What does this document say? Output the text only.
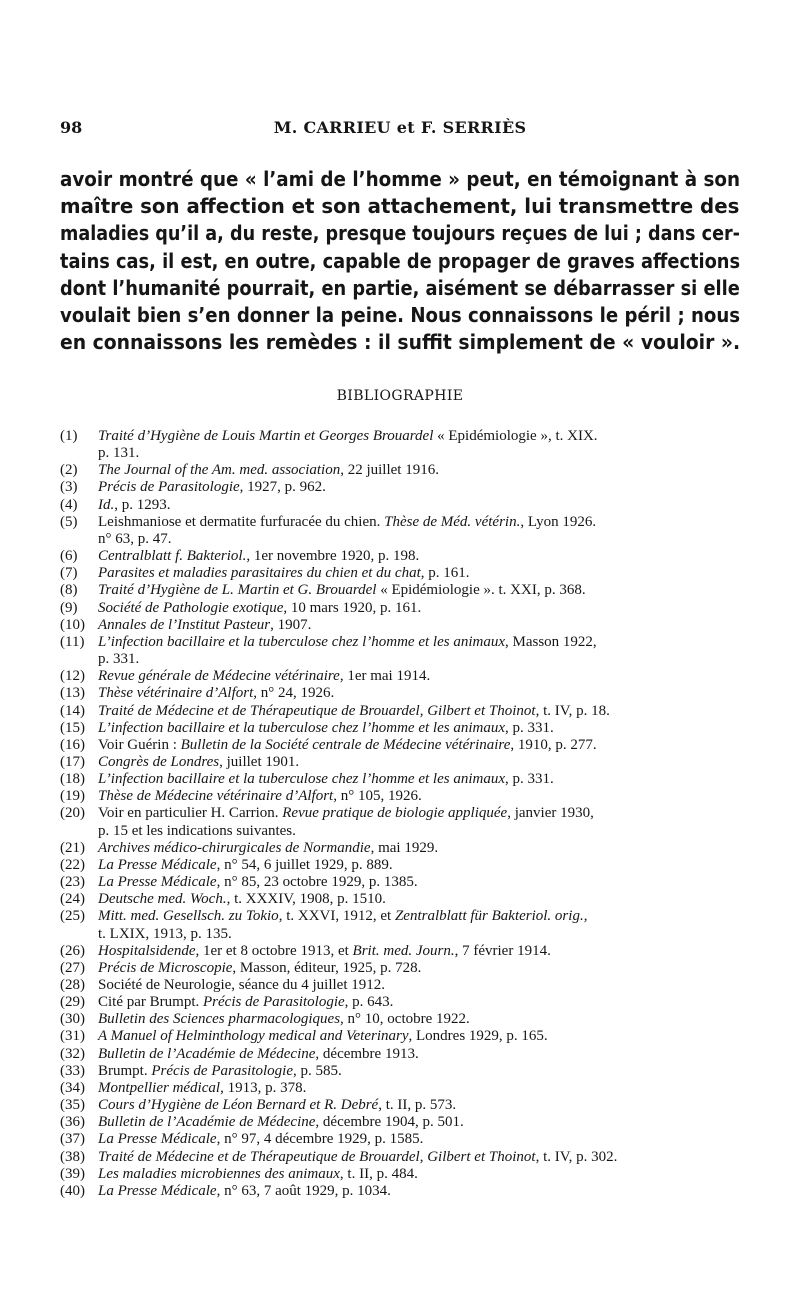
98	M. CARRIEU et F. SERRIÈS
avoir montré que « l’ami de l’homme » peut, en témoignant à son
maître son affection et son attachement, lui transmettre des
maladies qu’il a, du reste, presque toujours reçues de lui ; dans cer-
tains cas, il est, en outre, capable de propager de graves affections
dont l’humanité pourrait, en partie, aisément se débarrasser si elle
voulait bien s’en donner la peine. Nous connaissons le péril ; nous
en connaissons les remèdes : il suffit simplement de « vouloir ».
BIBLIOGRAPHIE
(1) Traité d’Hygiène de Louis Martin et Georges Brouardel « Epidémiologie », t. XIX.
p. 131.
(2) The Journal of the Am. med. association, 22 juillet 1916.
(3) Précis de Parasitologie, 1927, p. 962.
(4) Id., p. 1293.
(5) Leishmaniose et dermatite furfuracée du chien. Thèse de Méd. vétérin., Lyon 1926.
n° 63, p. 47.
(6) Centralblatt f. Bakteriol., 1er novembre 1920, p. 198.
(7) Parasites et maladies parasitaires du chien et du chat, p. 161.
(8) Traité d’Hygiène de L. Martin et G. Brouardel « Epidémiologie ». t. XXI, p. 368.
(9) Société de Pathologie exotique, 10 mars 1920, p. 161.
(10) Annales de l’Institut Pasteur, 1907.
(11) L’infection bacillaire et la tuberculose chez l’homme et les animaux, Masson 1922,
p. 331.
(12) Revue générale de Médecine vétérinaire, 1er mai 1914.
(13) Thèse vétérinaire d’Alfort, n° 24, 1926.
(14) Traité de Médecine et de Thérapeutique de Brouardel, Gilbert et Thoinot, t. IV, p. 18.
(15) L’infection bacillaire et la tuberculose chez l’homme et les animaux, p. 331.
(16) Voir Guérin : Bulletin de la Société centrale de Médecine vétérinaire, 1910, p. 277.
(17) Congrès de Londres, juillet 1901.
(18) L’infection bacillaire et la tuberculose chez l’homme et les animaux, p. 331.
(19) Thèse de Médecine vétérinaire d’Alfort, n° 105, 1926.
(20) Voir en particulier H. Carrion. Revue pratique de biologie appliquée, janvier 1930,
p. 15 et les indications suivantes.
(21) Archives médico-chirurgicales de Normandie, mai 1929.
(22) La Presse Médicale, n° 54, 6 juillet 1929, p. 889.
(23) La Presse Médicale, n° 85, 23 octobre 1929, p. 1385.
(24) Deutsche med. Woch., t. XXXIV, 1908, p. 1510.
(25) Mitt. med. Gesellsch. zu Tokio, t. XXVI, 1912, et Zentralblatt für Bakteriol. orig.,
t. LXIX, 1913, p. 135.
(26) Hospitalsidende, 1er et 8 octobre 1913, et Brit. med. Journ., 7 février 1914.
(27) Précis de Microscopie, Masson, éditeur, 1925, p. 728.
(28) Société de Neurologie, séance du 4 juillet 1912.
(29) Cité par Brumpt. Précis de Parasitologie, p. 643.
(30) Bulletin des Sciences pharmacologiques, n° 10, octobre 1922.
(31) A Manuel of Helminthology medical and Veterinary, Londres 1929, p. 165.
(32) Bulletin de l’Académie de Médecine, décembre 1913.
(33) Brumpt. Précis de Parasitologie, p. 585.
(34) Montpellier médical, 1913, p. 378.
(35) Cours d’Hygiène de Léon Bernard et R. Debré, t. II, p. 573.
(36) Bulletin de l’Académie de Médecine, décembre 1904, p. 501.
(37) La Presse Médicale, n° 97, 4 décembre 1929, p. 1585.
(38) Traité de Médecine et de Thérapeutique de Brouardel, Gilbert et Thoinot, t. IV, p. 302.
(39) Les maladies microbiennes des animaux, t. II, p. 484.
(40) La Presse Médicale, n° 63, 7 août 1929, p. 1034.
